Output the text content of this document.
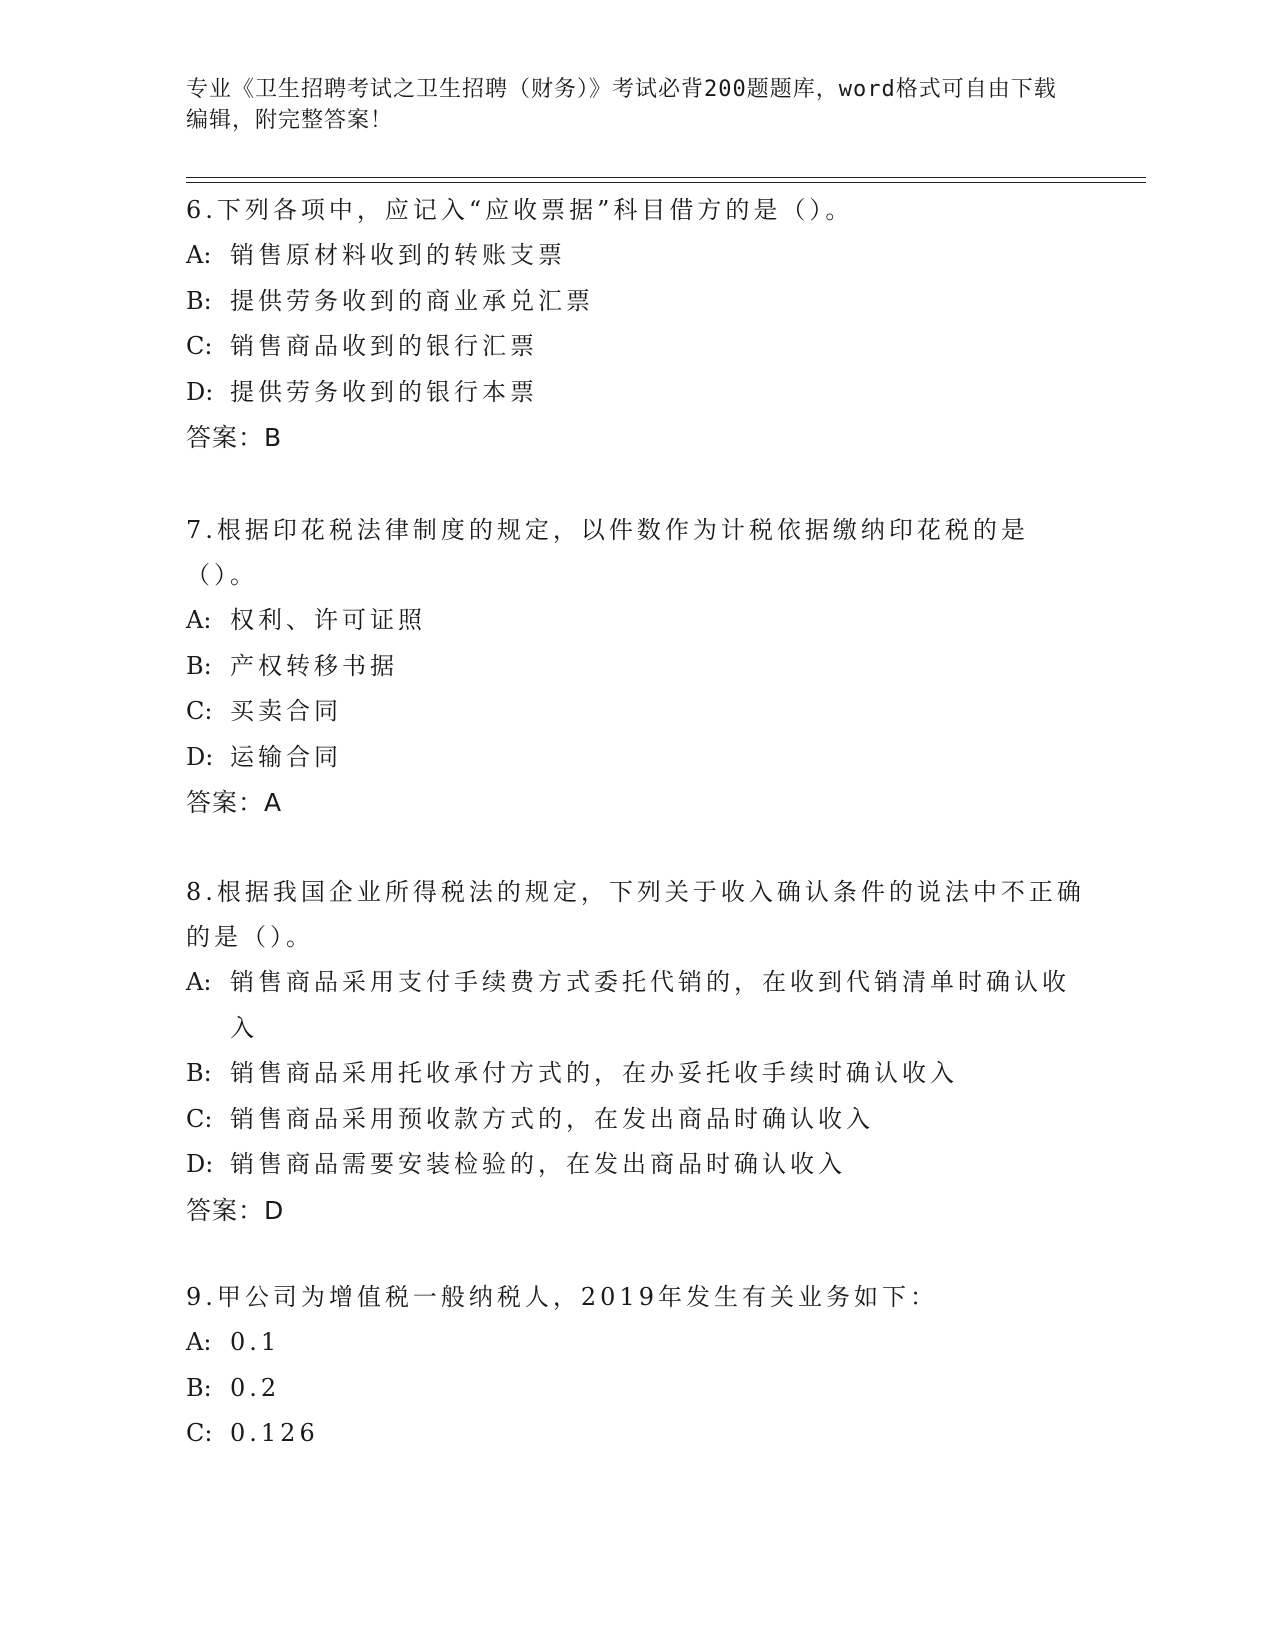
专业《卫生招聘考试之卫生招聘（财务）》考试必背200题题库，word格式可自由下载编辑，附完整答案！

6.下列各项中，应记入“应收票据”科目借方的是（）。

A: 销售原材料收到的转账支票

B: 提供劳务收到的商业承兑汇票

C: 销售商品收到的银行汇票

D: 提供劳务收到的银行本票

答案：B

7.根据印花税法律制度的规定，以件数作为计税依据缴纳印花税的是（）。

A: 权利、许可证照

B: 产权转移书据

C: 买卖合同

D: 运输合同

答案：A

8.根据我国企业所得税法的规定，下列关于收入确认条件的说法中不正确的是（）。

A: 销售商品采用支付手续费方式委托代销的，在收到代销清单时确认收入

B: 销售商品采用托收承付方式的，在办妥托收手续时确认收入

C: 销售商品采用预收款方式的，在发出商品时确认收入

D: 销售商品需要安装检验的，在发出商品时确认收入

答案：D

9.甲公司为增值税一般纳税人，2019年发生有关业务如下：

A: 0.1

B: 0.2

C: 0.126
